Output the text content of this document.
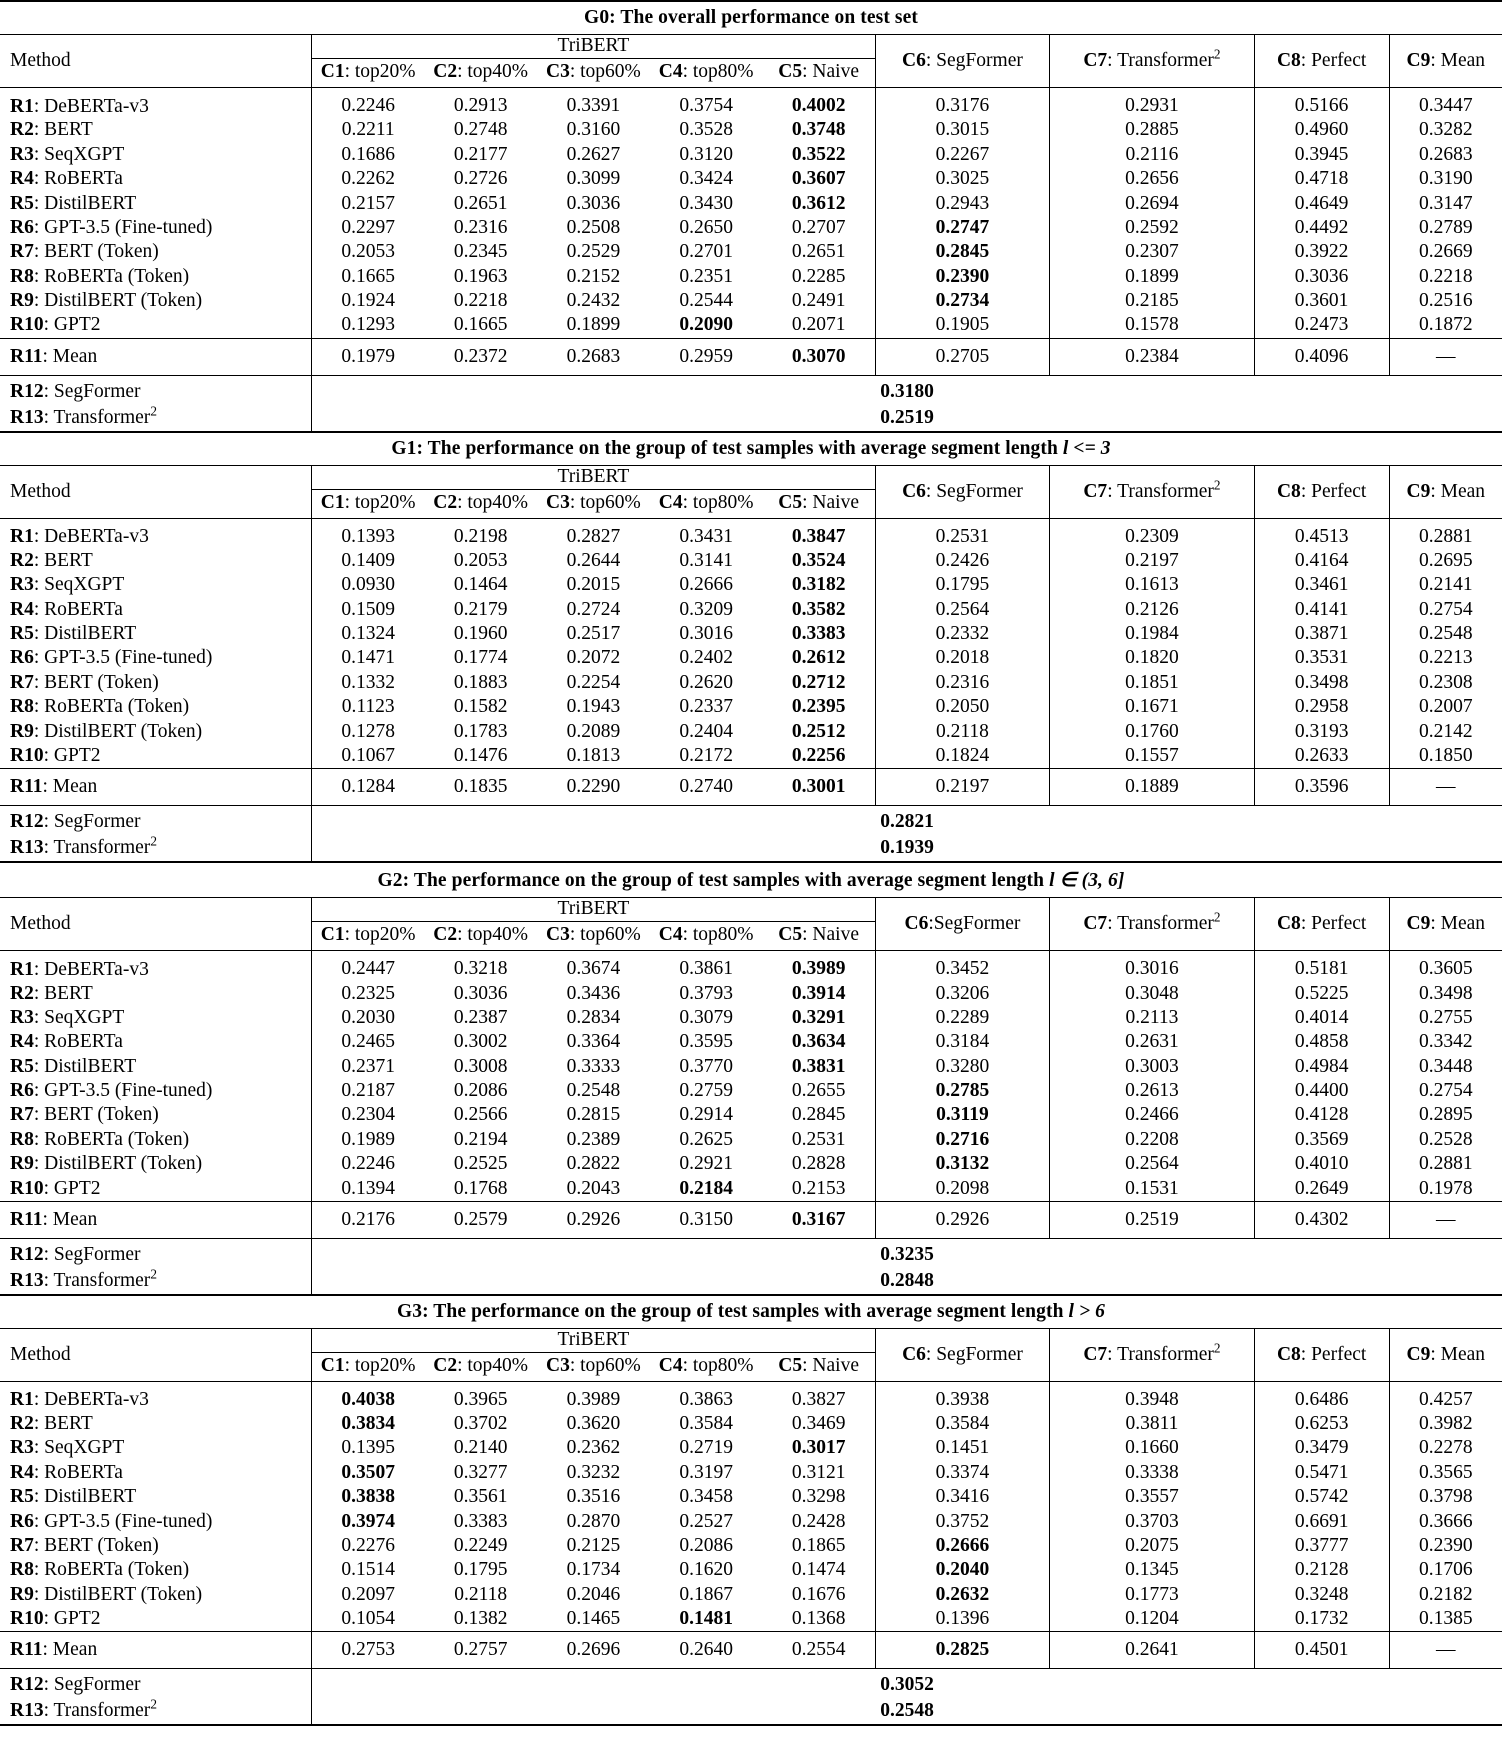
G0: The overall performance on test set									
Method	TriBERT					C6: SegFormer	C7: Transformer$^2$	C8: Perfect	C9: Mean
	C1: top20%	C2: top40%	C3: top60%	C4: top80%	C5: Naive				
R1: DeBERTa-v3	0.2246	0.2913	0.3391	0.3754	0.4002	0.3176	0.2931	0.5166	0.3447
R2: BERT	0.2211	0.2748	0.3160	0.3528	0.3748	0.3015	0.2885	0.4960	0.3282
R3: SeqXGPT	0.1686	0.2177	0.2627	0.3120	0.3522	0.2267	0.2116	0.3945	0.2683
R4: RoBERTa	0.2262	0.2726	0.3099	0.3424	0.3607	0.3025	0.2656	0.4718	0.3190
R5: DistilBERT	0.2157	0.2651	0.3036	0.3430	0.3612	0.2943	0.2694	0.4649	0.3147
R6: GPT-3.5 (Fine-tuned)	0.2297	0.2316	0.2508	0.2650	0.2707	0.2747	0.2592	0.4492	0.2789
R7: BERT (Token)	0.2053	0.2345	0.2529	0.2701	0.2651	0.2845	0.2307	0.3922	0.2669
R8: RoBERTa (Token)	0.1665	0.1963	0.2152	0.2351	0.2285	0.2390	0.1899	0.3036	0.2218
R9: DistilBERT (Token)	0.1924	0.2218	0.2432	0.2544	0.2491	0.2734	0.2185	0.3601	0.2516
R10: GPT2	0.1293	0.1665	0.1899	0.2090	0.2071	0.1905	0.1578	0.2473	0.1872
R11: Mean	0.1979	0.2372	0.2683	0.2959	0.3070	0.2705	0.2384	0.4096	—
R12: SegFormer	0.3180								
R13: Transformer$^2$	0.2519								
G1: The performance on the group of test samples with average segment length l <= 3									
Method	TriBERT					C6: SegFormer	C7: Transformer$^2$	C8: Perfect	C9: Mean
	C1: top20%	C2: top40%	C3: top60%	C4: top80%	C5: Naive				
R1: DeBERTa-v3	0.1393	0.2198	0.2827	0.3431	0.3847	0.2531	0.2309	0.4513	0.2881
R2: BERT	0.1409	0.2053	0.2644	0.3141	0.3524	0.2426	0.2197	0.4164	0.2695
R3: SeqXGPT	0.0930	0.1464	0.2015	0.2666	0.3182	0.1795	0.1613	0.3461	0.2141
R4: RoBERTa	0.1509	0.2179	0.2724	0.3209	0.3582	0.2564	0.2126	0.4141	0.2754
R5: DistilBERT	0.1324	0.1960	0.2517	0.3016	0.3383	0.2332	0.1984	0.3871	0.2548
R6: GPT-3.5 (Fine-tuned)	0.1471	0.1774	0.2072	0.2402	0.2612	0.2018	0.1820	0.3531	0.2213
R7: BERT (Token)	0.1332	0.1883	0.2254	0.2620	0.2712	0.2316	0.1851	0.3498	0.2308
R8: RoBERTa (Token)	0.1123	0.1582	0.1943	0.2337	0.2395	0.2050	0.1671	0.2958	0.2007
R9: DistilBERT (Token)	0.1278	0.1783	0.2089	0.2404	0.2512	0.2118	0.1760	0.3193	0.2142
R10: GPT2	0.1067	0.1476	0.1813	0.2172	0.2256	0.1824	0.1557	0.2633	0.1850
R11: Mean	0.1284	0.1835	0.2290	0.2740	0.3001	0.2197	0.1889	0.3596	—
R12: SegFormer	0.2821								
R13: Transformer$^2$	0.1939								
G2: The performance on the group of test samples with average segment length l ∈ (3, 6]									
Method	TriBERT					C6:SegFormer	C7: Transformer$^2$	C8: Perfect	C9: Mean
	C1: top20%	C2: top40%	C3: top60%	C4: top80%	C5: Naive				
R1: DeBERTa-v3	0.2447	0.3218	0.3674	0.3861	0.3989	0.3452	0.3016	0.5181	0.3605
R2: BERT	0.2325	0.3036	0.3436	0.3793	0.3914	0.3206	0.3048	0.5225	0.3498
R3: SeqXGPT	0.2030	0.2387	0.2834	0.3079	0.3291	0.2289	0.2113	0.4014	0.2755
R4: RoBERTa	0.2465	0.3002	0.3364	0.3595	0.3634	0.3184	0.2631	0.4858	0.3342
R5: DistilBERT	0.2371	0.3008	0.3333	0.3770	0.3831	0.3280	0.3003	0.4984	0.3448
R6: GPT-3.5 (Fine-tuned)	0.2187	0.2086	0.2548	0.2759	0.2655	0.2785	0.2613	0.4400	0.2754
R7: BERT (Token)	0.2304	0.2566	0.2815	0.2914	0.2845	0.3119	0.2466	0.4128	0.2895
R8: RoBERTa (Token)	0.1989	0.2194	0.2389	0.2625	0.2531	0.2716	0.2208	0.3569	0.2528
R9: DistilBERT (Token)	0.2246	0.2525	0.2822	0.2921	0.2828	0.3132	0.2564	0.4010	0.2881
R10: GPT2	0.1394	0.1768	0.2043	0.2184	0.2153	0.2098	0.1531	0.2649	0.1978
R11: Mean	0.2176	0.2579	0.2926	0.3150	0.3167	0.2926	0.2519	0.4302	—
R12: SegFormer	0.3235								
R13: Transformer$^2$	0.2848								
G3: The performance on the group of test samples with average segment length l > 6									
Method	TriBERT					C6: SegFormer	C7: Transformer$^2$	C8: Perfect	C9: Mean
	C1: top20%	C2: top40%	C3: top60%	C4: top80%	C5: Naive				
R1: DeBERTa-v3	0.4038	0.3965	0.3989	0.3863	0.3827	0.3938	0.3948	0.6486	0.4257
R2: BERT	0.3834	0.3702	0.3620	0.3584	0.3469	0.3584	0.3811	0.6253	0.3982
R3: SeqXGPT	0.1395	0.2140	0.2362	0.2719	0.3017	0.1451	0.1660	0.3479	0.2278
R4: RoBERTa	0.3507	0.3277	0.3232	0.3197	0.3121	0.3374	0.3338	0.5471	0.3565
R5: DistilBERT	0.3838	0.3561	0.3516	0.3458	0.3298	0.3416	0.3557	0.5742	0.3798
R6: GPT-3.5 (Fine-tuned)	0.3974	0.3383	0.2870	0.2527	0.2428	0.3752	0.3703	0.6691	0.3666
R7: BERT (Token)	0.2276	0.2249	0.2125	0.2086	0.1865	0.2666	0.2075	0.3777	0.2390
R8: RoBERTa (Token)	0.1514	0.1795	0.1734	0.1620	0.1474	0.2040	0.1345	0.2128	0.1706
R9: DistilBERT (Token)	0.2097	0.2118	0.2046	0.1867	0.1676	0.2632	0.1773	0.3248	0.2182
R10: GPT2	0.1054	0.1382	0.1465	0.1481	0.1368	0.1396	0.1204	0.1732	0.1385
R11: Mean	0.2753	0.2757	0.2696	0.2640	0.2554	0.2825	0.2641	0.4501	—
R12: SegFormer	0.3052								
R13: Transformer$^2$	0.2548								
